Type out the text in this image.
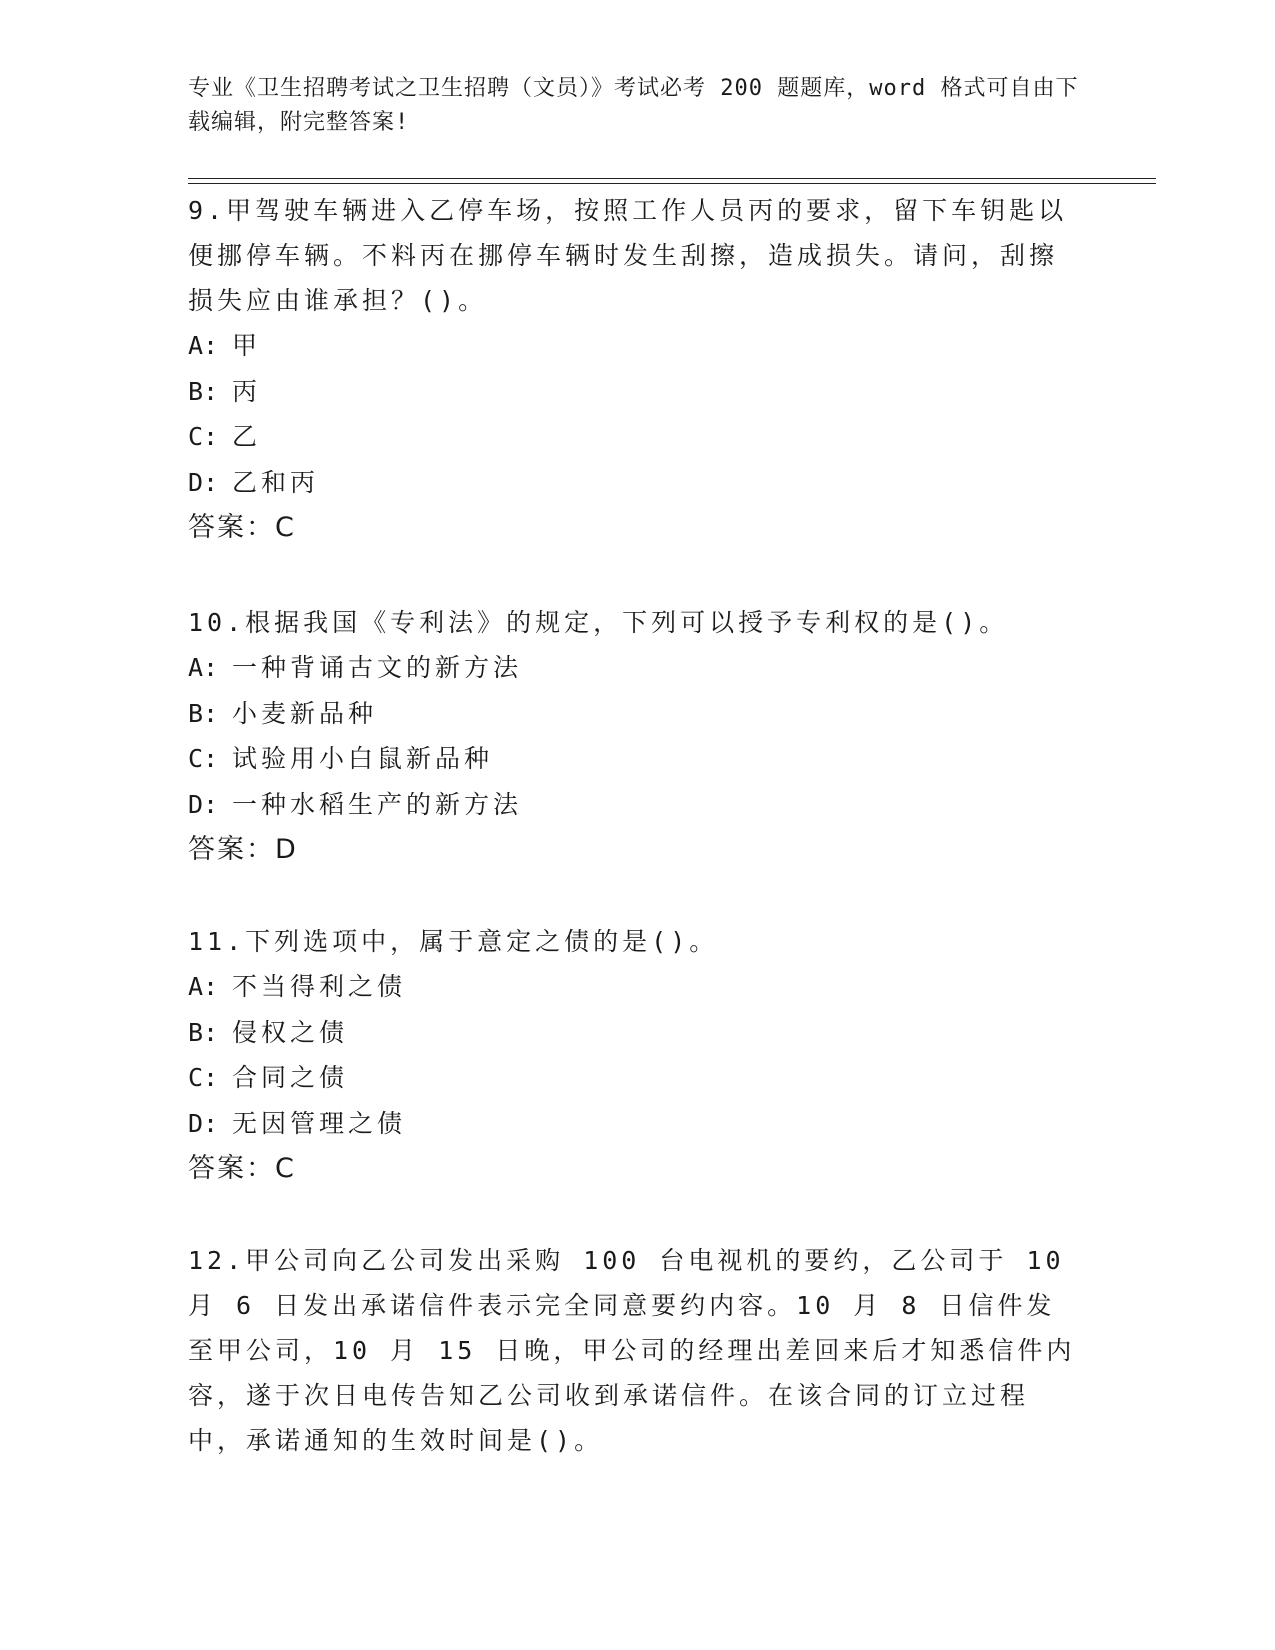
专业《卫生招聘考试之卫生招聘（文员）》考试必考 200 题题库，word 格式可自由下载编辑，附完整答案!
9.甲驾驶车辆进入乙停车场，按照工作人员丙的要求，留下车钥匙以便挪停车辆。不料丙在挪停车辆时发生刮擦，造成损失。请问，刮擦损失应由谁承担？()。
A: 甲
B: 丙
C: 乙
D: 乙和丙
答案：C
10.根据我国《专利法》的规定，下列可以授予专利权的是()。
A: 一种背诵古文的新方法
B: 小麦新品种
C: 试验用小白鼠新品种
D: 一种水稻生产的新方法
答案：D
11.下列选项中，属于意定之债的是()。
A: 不当得利之债
B: 侵权之债
C: 合同之债
D: 无因管理之债
答案：C
12.甲公司向乙公司发出采购 100 台电视机的要约，乙公司于 10 月 6 日发出承诺信件表示完全同意要约内容。10 月 8 日信件发至甲公司，10 月 15 日晚，甲公司的经理出差回来后才知悉信件内容，遂于次日电传告知乙公司收到承诺信件。在该合同的订立过程中，承诺通知的生效时间是()。
